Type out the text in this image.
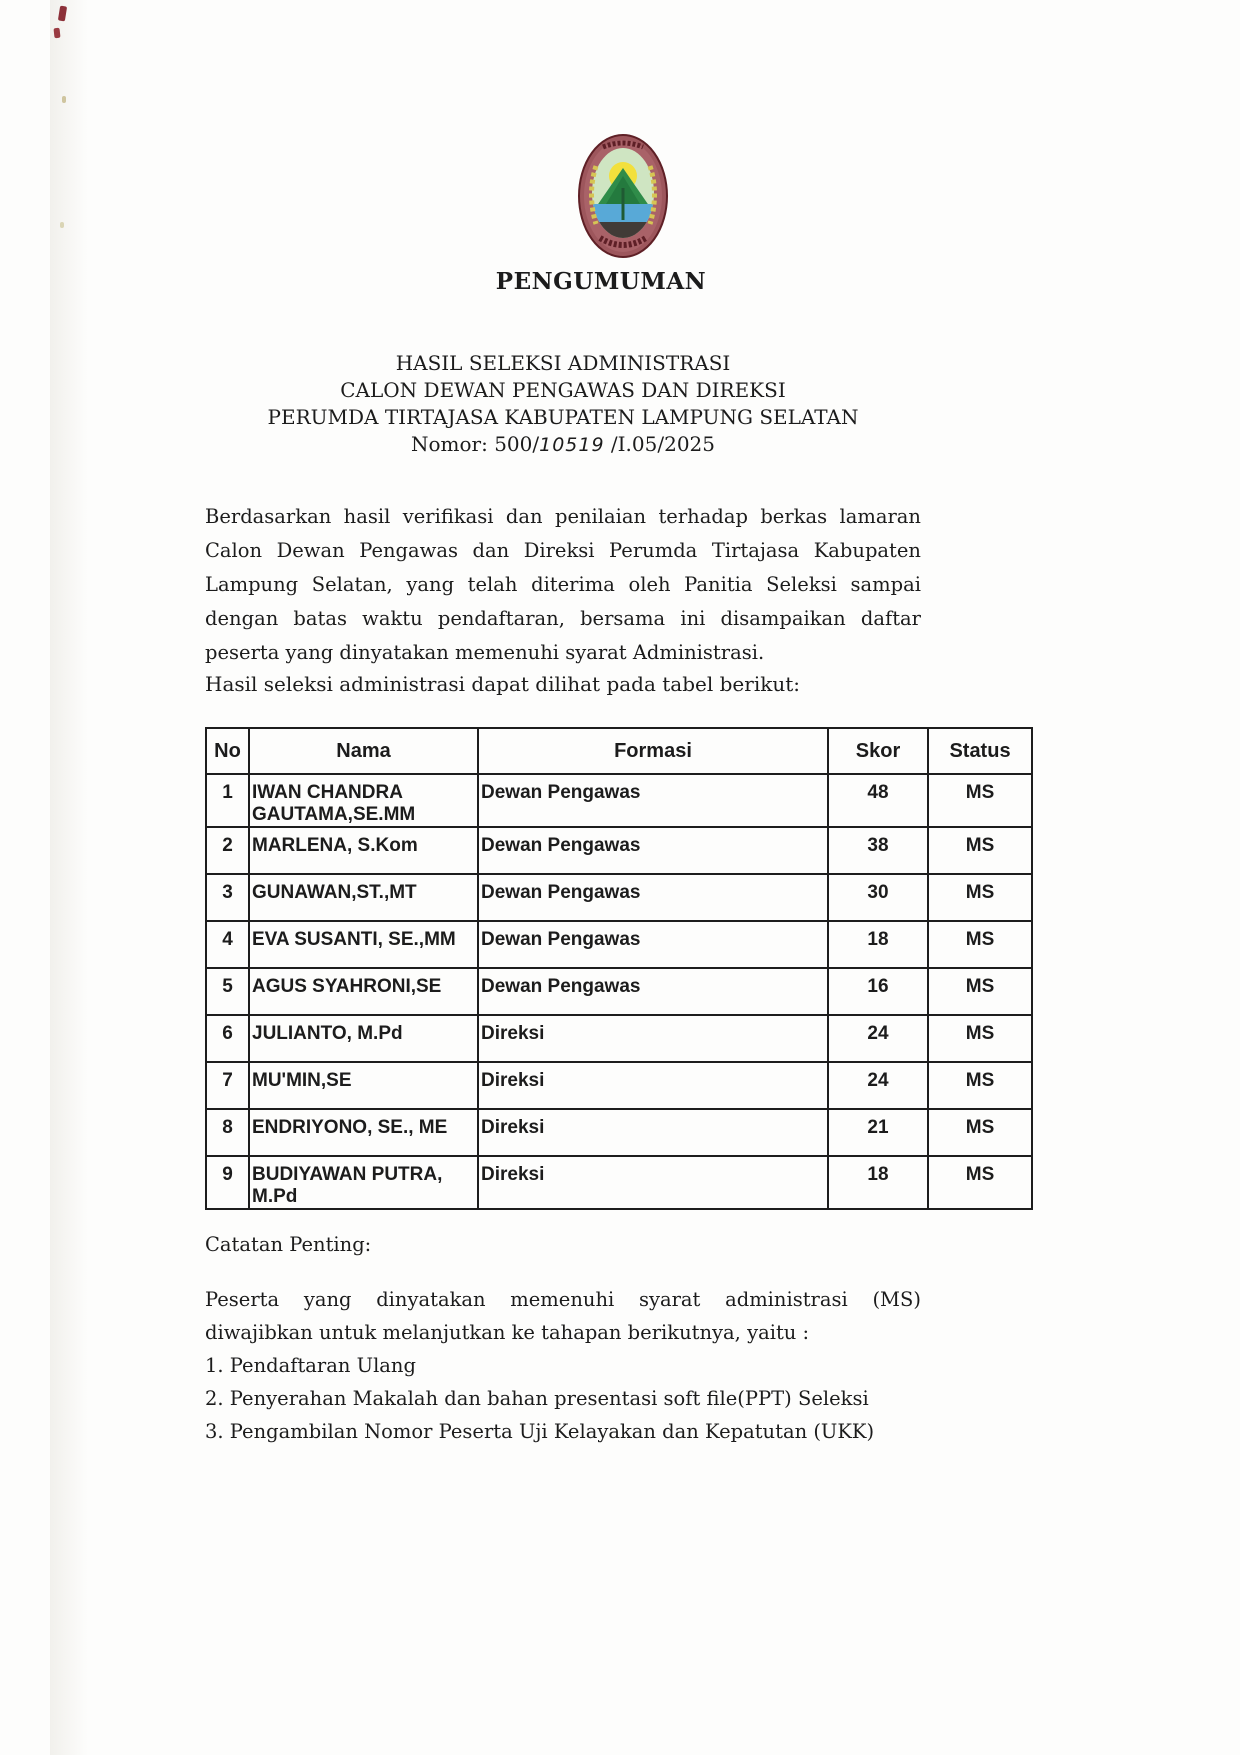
PENGUMUMAN
HASIL SELEKSI ADMINISTRASI
CALON DEWAN PENGAWAS DAN DIREKSI
PERUMDA TIRTAJASA KABUPATEN LAMPUNG SELATAN
Nomor: 500/10519 /I.05/2025

Berdasarkan hasil verifikasi dan penilaian terhadap berkas lamaran Calon Dewan Pengawas dan Direksi Perumda Tirtajasa Kabupaten Lampung Selatan, yang telah diterima oleh Panitia Seleksi sampai dengan batas waktu pendaftaran, bersama ini disampaikan daftar peserta yang dinyatakan memenuhi syarat Administrasi.

Hasil seleksi administrasi dapat dilihat pada tabel berikut:

No	Nama	Formasi	Skor	Status
1	IWAN CHANDRA GAUTAMA,SE.MM	Dewan Pengawas	48	MS
2	MARLENA, S.Kom	Dewan Pengawas	38	MS
3	GUNAWAN,ST.,MT	Dewan Pengawas	30	MS
4	EVA SUSANTI, SE.,MM	Dewan Pengawas	18	MS
5	AGUS SYAHRONI,SE	Dewan Pengawas	16	MS
6	JULIANTO, M.Pd	Direksi	24	MS
7	MU'MIN,SE	Direksi	24	MS
8	ENDRIYONO, SE., ME	Direksi	21	MS
9	BUDIYAWAN PUTRA, M.Pd	Direksi	18	MS

Catatan Penting:

Peserta yang dinyatakan memenuhi syarat administrasi (MS) diwajibkan untuk melanjutkan ke tahapan berikutnya, yaitu :

1. Pendaftaran Ulang
2. Penyerahan Makalah dan bahan presentasi soft file(PPT) Seleksi
3. Pengambilan Nomor Peserta Uji Kelayakan dan Kepatutan (UKK)
